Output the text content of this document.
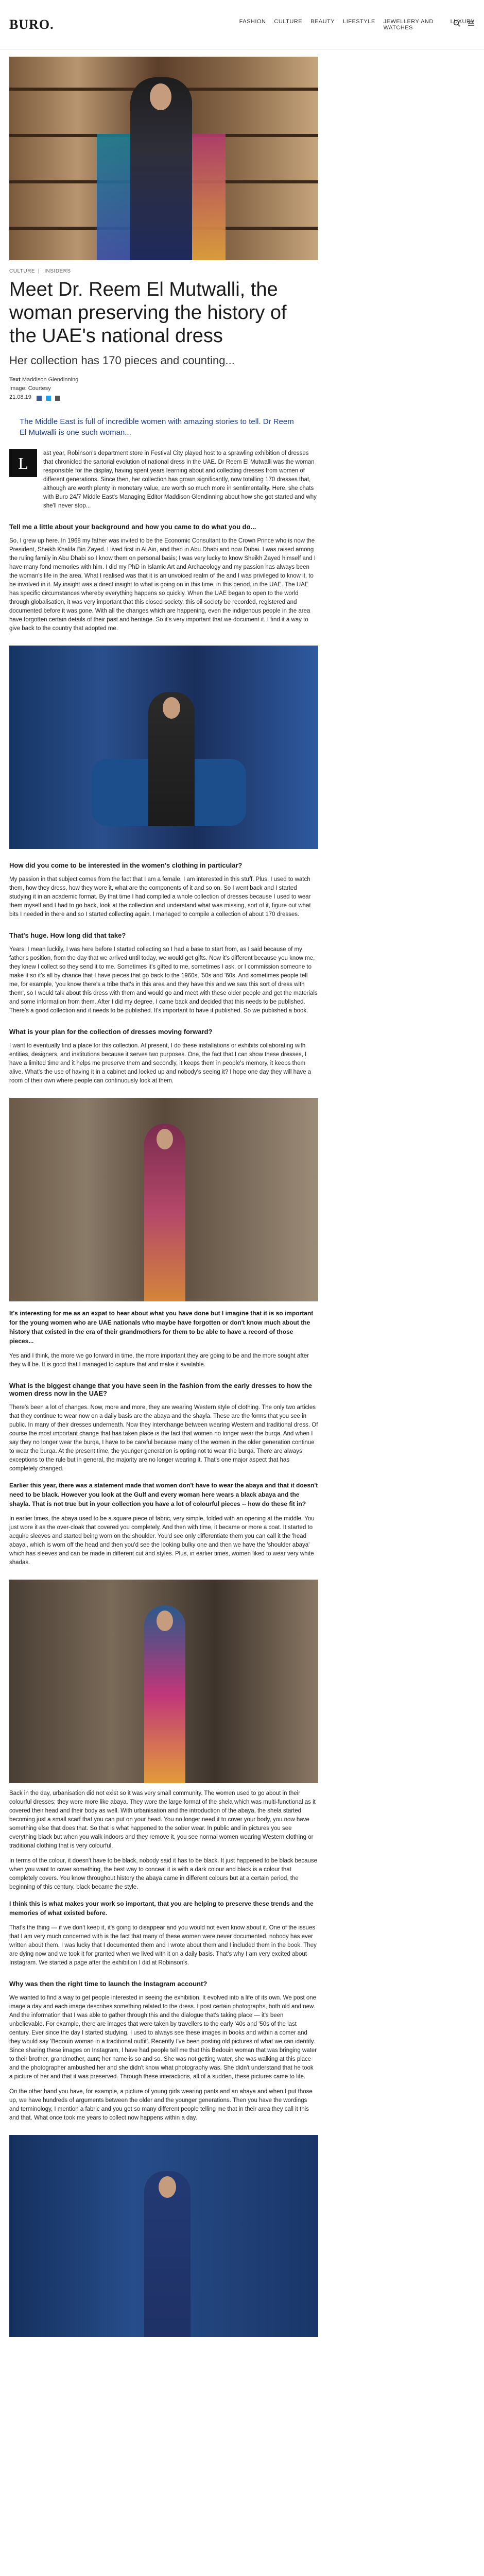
BURO.	FASHION CULTURE BEAUTY LIFESTYLE JEWELLERY AND WATCHES
LUXURY
CULTURE | INSIDERS
Meet Dr. Reem El Mutwalli, the woman preserving the history of the UAE's national dress
Her collection has 170 pieces and counting...
Text Maddison Glendinning
Image: Courtesy
21.08.19
The Middle East is full of incredible women with amazing stories to tell. Dr Reem El Mutwalli is one such woman...
L

ast year, Robinson's department store in Festival City played host to a sprawling exhibition of dresses that chronicled the sartorial evolution of national dress in the UAE. Dr Reem El Mutwalli was the woman responsible for the display, having spent years learning about and collecting dresses from women of different generations. Since then, her collection has grown significantly, now totalling 170 dresses that, although are worth plenty in monetary value, are worth so much more in sentimentality. Here, she chats with Buro 24/7 Middle East's Managing Editor Maddison Glendinning about how she got started and why she'll never stop...

Tell me a little about your background and how you came to do what you do...

So, I grew up here. In 1968 my father was invited to be the Economic Consultant to the Crown Prince who is now the President, Sheikh Khalifa Bin Zayed. I lived first in Al Ain, and then in Abu Dhabi and now Dubai. I was raised among the ruling family in Abu Dhabi so I know them on personal basis; I was very lucky to know Sheikh Zayed himself and I have many fond memories with him. I did my PhD in Islamic Art and Archaeology and my passion has always been the woman's life in the area. What I realised was that it is an unvoiced realm of the and I was privileged to know it, to be involved in it. My insight was a direct insight to what is going on in this time, in this period, in the UAE. The UAE has specific circumstances whereby everything happens so quickly. When the UAE began to open to the world through globalisation, it was very important that this closed society, this oil society be recorded, registered and documented before it was gone. With all the changes which are happening, even the indigenous people in the area have forgotten certain details of their past and heritage. So it's very important that we document it. I find it a way to give back to the country that adopted me.

How did you come to be interested in the women's clothing in particular?

My passion in that subject comes from the fact that I am a female, I am interested in this stuff. Plus, I used to watch them, how they dress, how they wore it, what are the components of it and so on. So I went back and I started studying it in an academic format. By that time I had compiled a whole collection of dresses because I used to wear them myself and I had to go back, look at the collection and understand what was missing, sort of it, figure out what bits I needed in there and so I started collecting again. I managed to compile a collection of about 170 dresses.

That's huge. How long did that take?

Years. I mean luckily, I was here before I started collecting so I had a base to start from, as I said because of my father's position, from the day that we arrived until today, we would get gifts. Now it's different because you know me, they knew I collect so they send it to me. Sometimes it's gifted to me, sometimes I ask, or I commission someone to make it so it's all by chance that I have pieces that go back to the 1960s, '50s and '60s. And sometimes people tell me, for example, 'you know there's a tribe that's in this area and they have this and we saw this sort of dress with them', so I would talk about this dress with them and would go and meet with these older people and get the materials and some information from them. After I did my degree, I came back and decided that this needs to be published. There's a good collection and it needs to be published. It's important to have it published. So we published a book.

What is your plan for the collection of dresses moving forward?

I want to eventually find a place for this collection. At present, I do these installations or exhibits collaborating with entities, designers, and institutions because it serves two purposes. One, the fact that I can show these dresses, I have a limited time and it helps me preserve them and secondly, it keeps them in people's memory, it keeps them alive. What's the use of having it in a cabinet and locked up and nobody's seeing it? I hope one day they will have a room of their own where people can continuously look at them.

It's interesting for me as an expat to hear about what you have done but I imagine that it is so important for the young women who are UAE nationals who maybe have forgotten or don't know much about the history that existed in the era of their grandmothers for them to be able to have a record of those pieces...

Yes and I think, the more we go forward in time, the more important they are going to be and the more sought after they will be. It is good that I managed to capture that and make it available.

What is the biggest change that you have seen in the fashion from the early dresses to how the women dress now in the UAE?

There's been a lot of changes. Now, more and more, they are wearing Western style of clothing. The only two articles that they continue to wear now on a daily basis are the abaya and the shayla. These are the forms that you see in public. In many of their dresses underneath. Now they interchange between wearing Western and traditional dress. Of course the most important change that has taken place is the fact that women no longer wear the burqa. And when I say they no longer wear the burqa, I have to be careful because many of the women in the older generation continue to wear the burqa. At the present time, the younger generation is opting not to wear the burqa. There are always exceptions to the rule but in general, the majority are no longer wearing it. That's one major aspect that has completely changed.

Earlier this year, there was a statement made that women don't have to wear the abaya and that it doesn't need to be black. However you look at the Gulf and every woman here wears a black abaya and the shayla. That is not true but in your collection you have a lot of colourful pieces -- how do these fit in?

In earlier times, the abaya used to be a square piece of fabric, very simple, folded with an opening at the middle. You just wore it as the over-cloak that covered you completely. And then with time, it became or more a coat. It started to acquire sleeves and started being worn on the shoulder. You'd see only differentiate them you can call it the 'head abaya', which is worn off the head and then you'd see the looking bulky one and then we have the 'shoulder abaya' which has sleeves and can be made in different cut and styles. Plus, in earlier times, women liked to wear very white shadas.

Back in the day, urbanisation did not exist so it was very small community. The women used to go about in their colourful dresses; they were more like abaya. They wore the large format of the shela which was multi-functional as it covered their head and their body as well. With urbanisation and the introduction of the abaya, the shela started becoming just a small scarf that you can put on your head. You no longer need it to cover your body, you now have something else that does that. So that is what happened to the sober wear. In public and in pictures you see everything black but when you walk indoors and they remove it, you see normal women wearing Western clothing or traditional clothing that is very colourful.

In terms of the colour, it doesn't have to be black, nobody said it has to be black. It just happened to be black because when you want to cover something, the best way to conceal it is with a dark colour and black is a colour that completely covers. You know throughout history the abaya came in different colours but at a certain period, the beginning of this century, black became the style.

I think this is what makes your work so important, that you are helping to preserve these trends and the memories of what existed before.

That's the thing — if we don't keep it, it's going to disappear and you would not even know about it. One of the issues that I am very much concerned with is the fact that many of these women were never documented, nobody has ever written about them. I was lucky that I documented them and I wrote about them and I included them in the book. They are dying now and we took it for granted when we lived with it on a daily basis. That's why I am very excited about Instagram. We started a page after the exhibition I did at Robinson's.

Why was then the right time to launch the Instagram account?

We wanted to find a way to get people interested in seeing the exhibition. It evolved into a life of its own. We post one image a day and each image describes something related to the dress. I post certain photographs, both old and new. And the information that I was able to gather through this and the dialogue that's taking place — it's been unbelievable. For example, there are images that were taken by travellers to the early '40s and '50s of the last century. Ever since the day I started studying, I used to always see these images in books and within a comer and they would say 'Bedouin woman in a traditional outfit'. Recently I've been posting old pictures of what we can identify. Since sharing these images on Instagram, I have had people tell me that this Bedouin woman that was bringing water to their brother, grandmother, aunt; her name is so and so. She was not getting water, she was walking at this place and the photographer ambushed her and she didn't know what photography was. She didn't understand that he took a picture of her and that it was preserved. Through these interactions, all of a sudden, these pictures came to life.

On the other hand you have, for example, a picture of young girls wearing pants and an abaya and when I put those up, we have hundreds of arguments between the older and the younger generations. Then you have the wordings and terminology, I mention a fabric and you get so many different people telling me that in their area they call it this and that. What once took me years to collect now happens within a day.
